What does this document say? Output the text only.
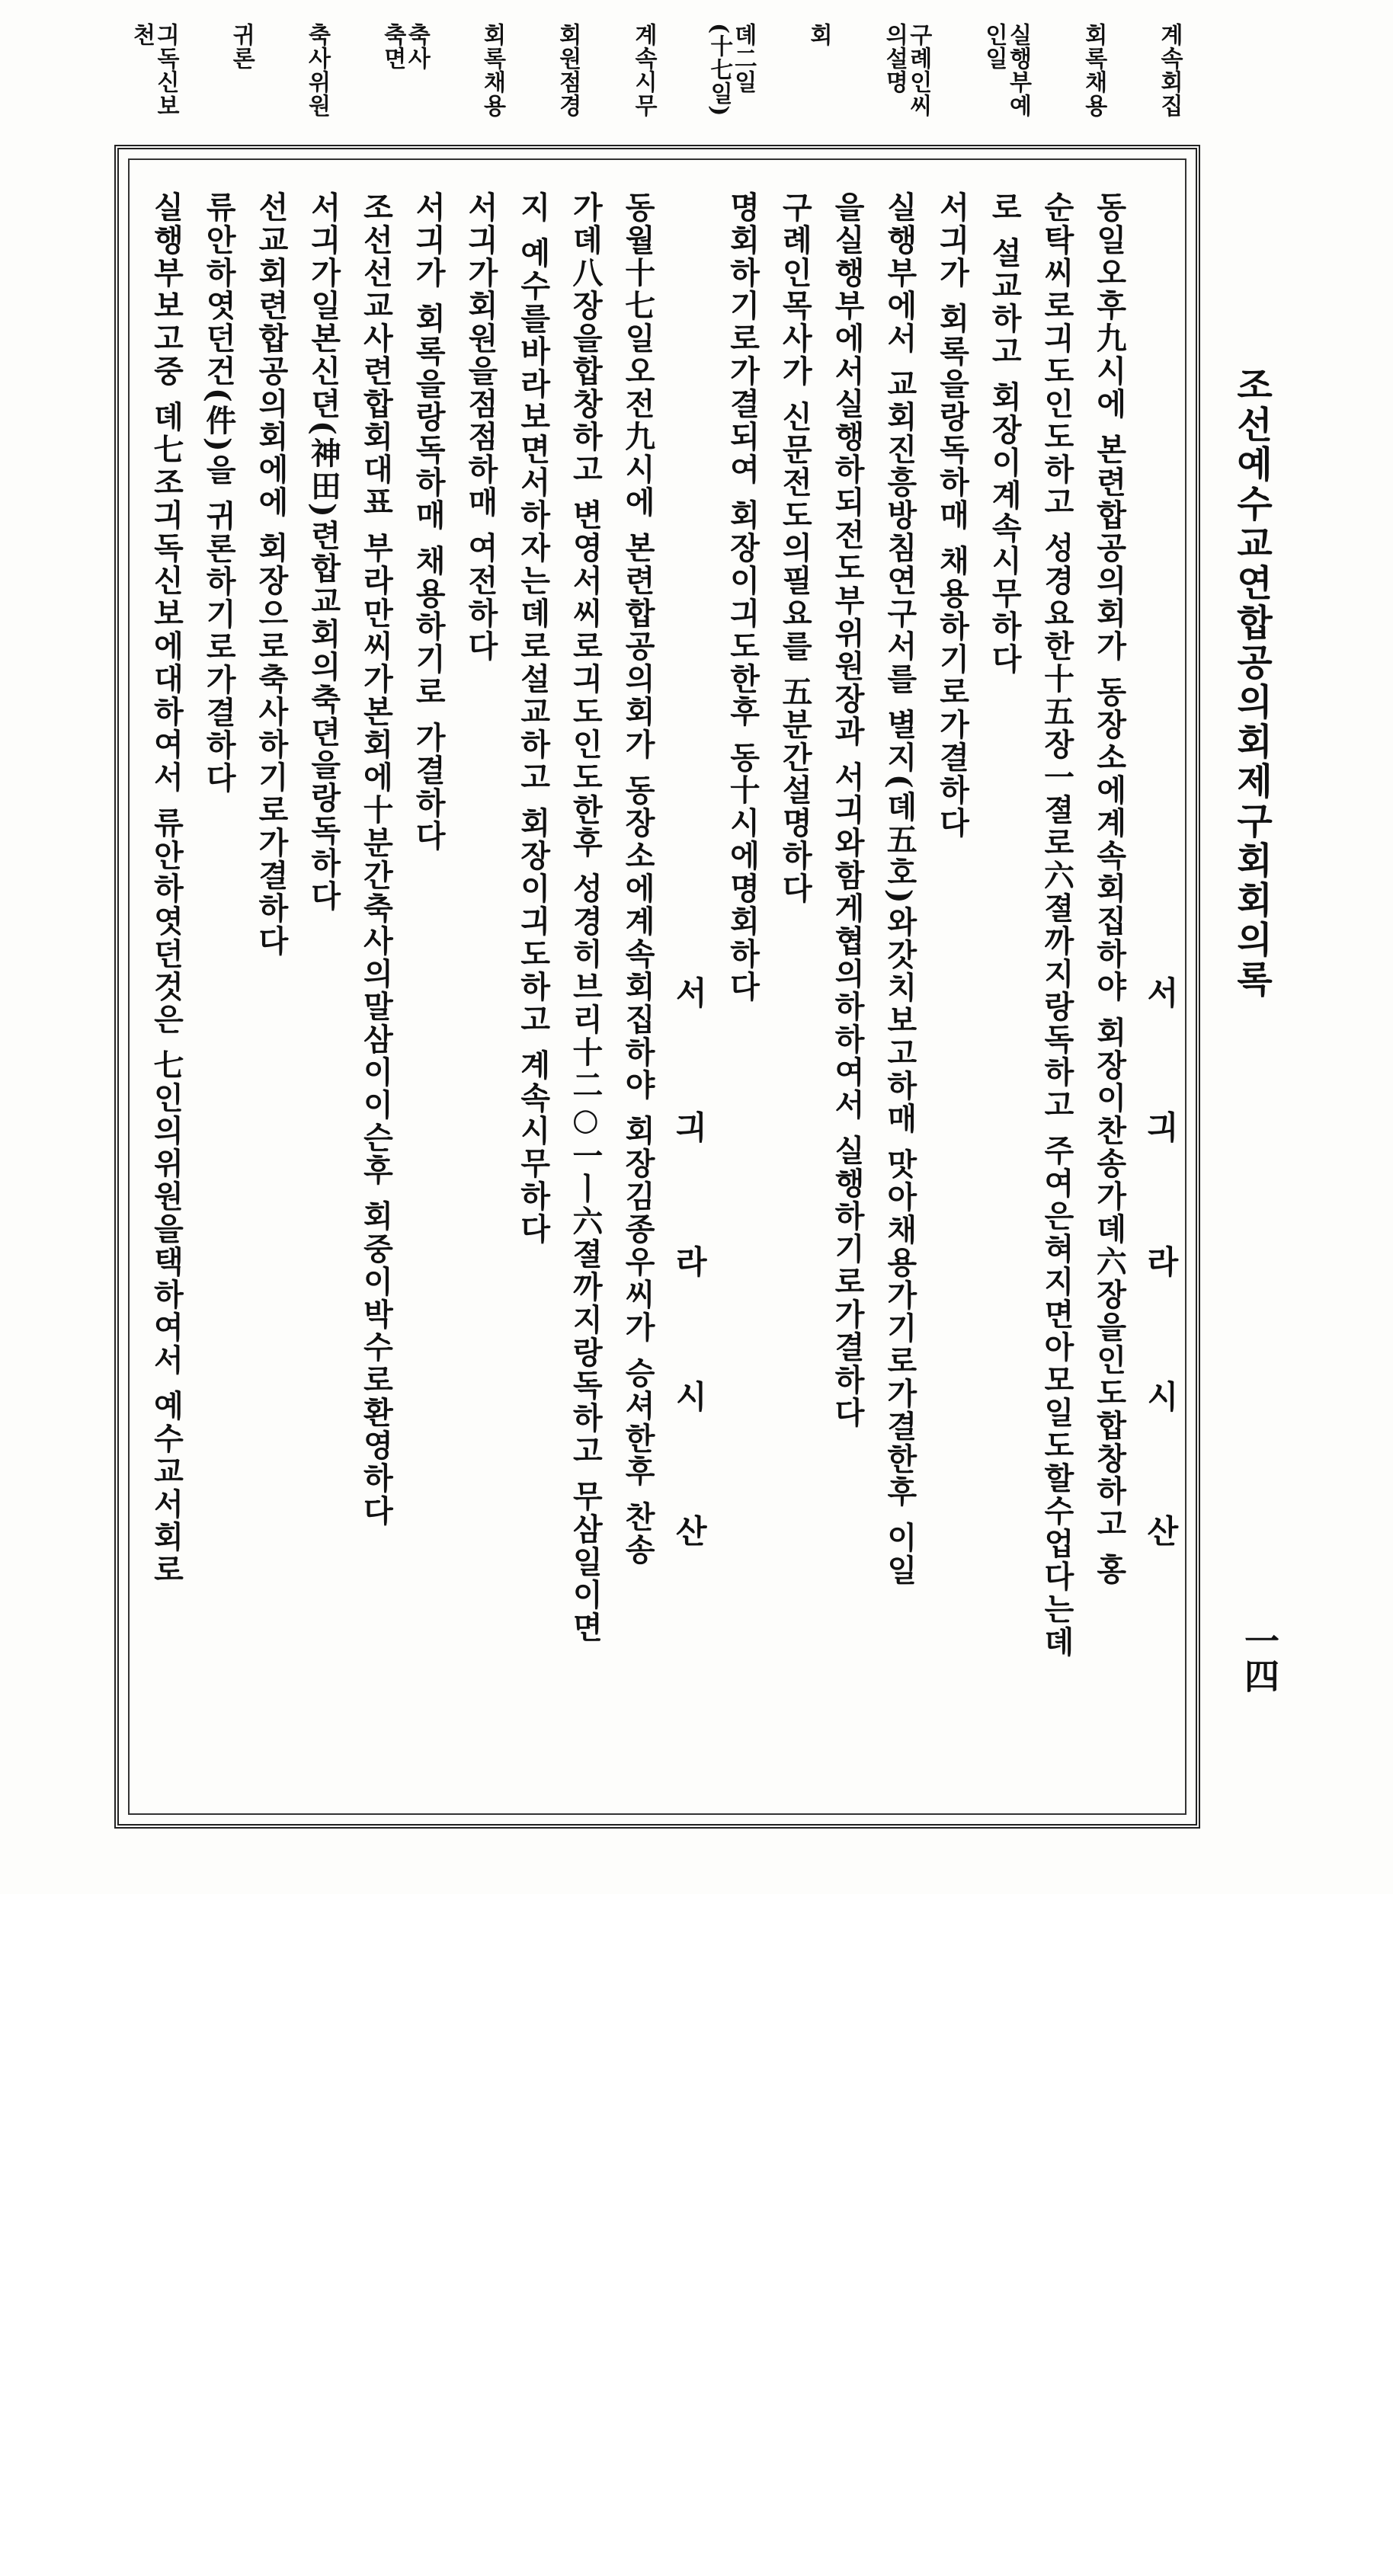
조선예수교연합공의회제구회회의록
一四
계속회집
회록채용
실행부예
인일
구례인씨
의설명
회
뎨二일
(十七일)
계속시무
회원점경
회록채용
축사
축면
축사위원
귀론
긔독신보
천
서 긔 라 시 산
동일오후九시에 본련합공의회가 동장소에계속회집하야 회장이찬송가뎨六장을인도합창하고 홍
순탁씨로긔도인도하고 성경요한十五장一졀로六졀까지랑독하고 주여은혀지면아모일도할수업다는뎨
로 설교하고 회장이계속시무하다
서긔가 회록을랑독하매 채용하기로가결하다
실행부에서 교회진흥방침연구서를 별지(뎨五호)와갓치보고하매 맛아채용가기로가결한후 이일
을실행부에서실행하되전도부위원장과 서긔와함게협의하하여서 실행하기로가결하다
구례인목사가 신문전도의필요를 五분간설명하다
명회하기로가결되여 회장이긔도한후 동十시에명회하다
서 긔 라 시 산
동월十七일오전九시에 본련합공의회가 동장소에계속회집하야 회장김종우씨가 승셔한후 찬송
가뎨八장을합창하고 변영서씨로긔도인도한후 성경히브리十二○一ㅣ六졀까지랑독하고 무삼일이면
지 예수를바라보면서하자는뎨로설교하고 회장이긔도하고 계속시무하다
서긔가회원을점점하매 여전하다
서긔가 회록을랑독하매 채용하기로 가결하다
조선선교사련합회대표 부라만씨가본회에十분간축사의말삼이이슨후 회중이박수로환영하다
서긔가일본신뎐(神田)련합교회의축뎐을랑독하다
선교회련합공의회에에 회장으로축사하기로가결하다
류안하엿던건(件)을 귀론하기로가결하다
실행부보고중 뎨七조긔독신보에대하여서 류안하엿던것은 七인의위원을택하여서 예수교서회로
